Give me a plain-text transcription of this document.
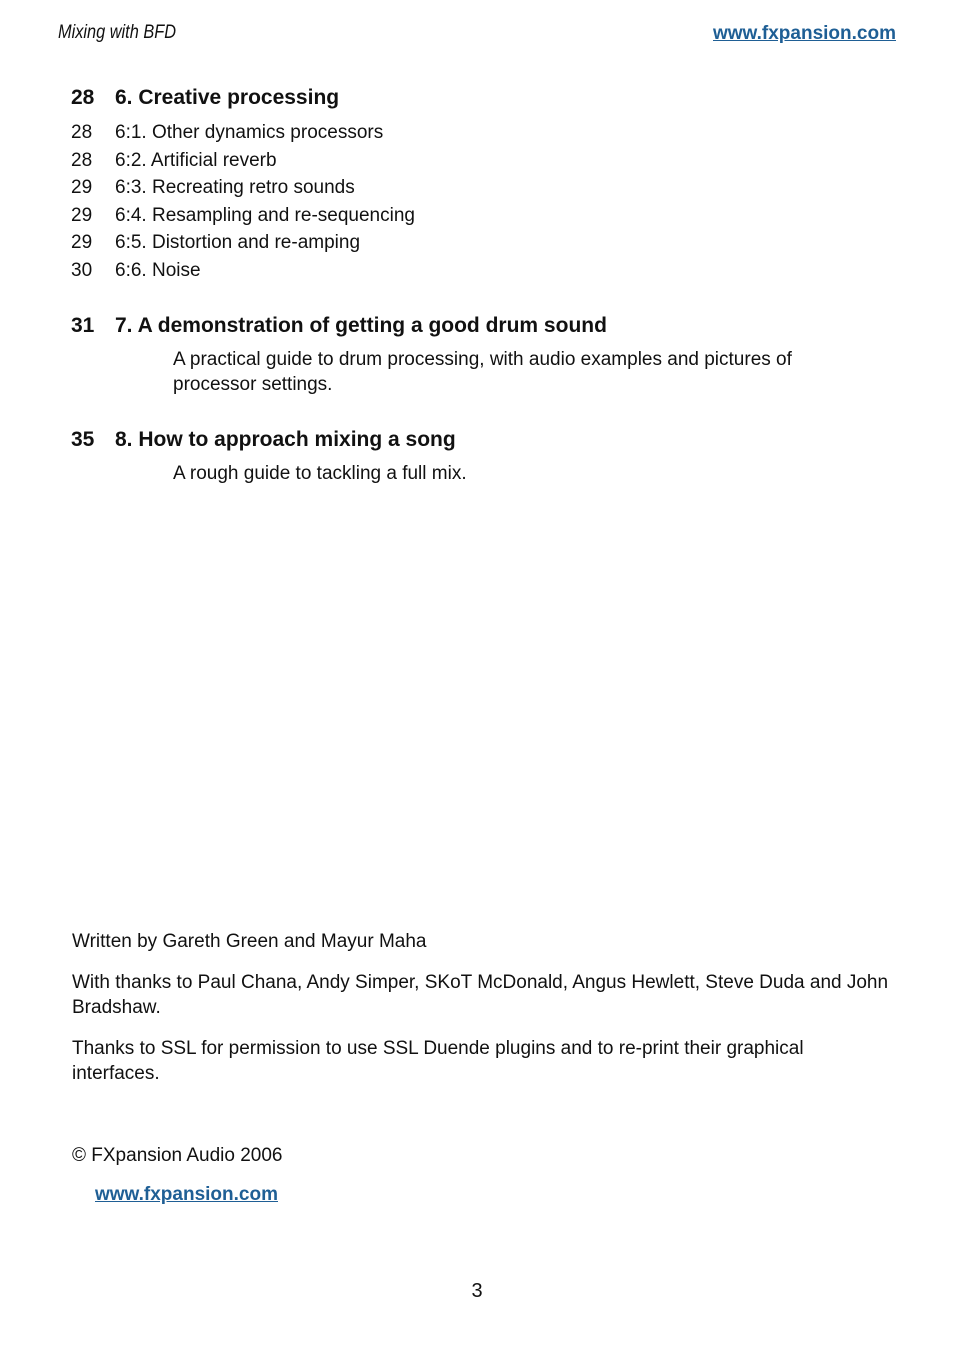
Mixing with BFD	www.fxpansion.com
28 6. Creative processing
28	6:1. Other dynamics processors
28	6:2. Artificial reverb
29	6:3. Recreating retro sounds
29	6:4. Resampling and re-sequencing
29	6:5. Distortion and re-amping
30	6:6. Noise
31 7. A demonstration of getting a good drum sound
A practical guide to drum processing, with audio examples and pictures of processor settings.
35 8. How to approach mixing a song
A rough guide to tackling a full mix.

Written by Gareth Green and Mayur Maha

With thanks to Paul Chana, Andy Simper, SKoT McDonald, Angus Hewlett, Steve Duda and John Bradshaw.

Thanks to SSL for permission to use SSL Duende plugins and to re-print their graphical interfaces.

© FXpansion Audio 2006
www.fxpansion.com
3
